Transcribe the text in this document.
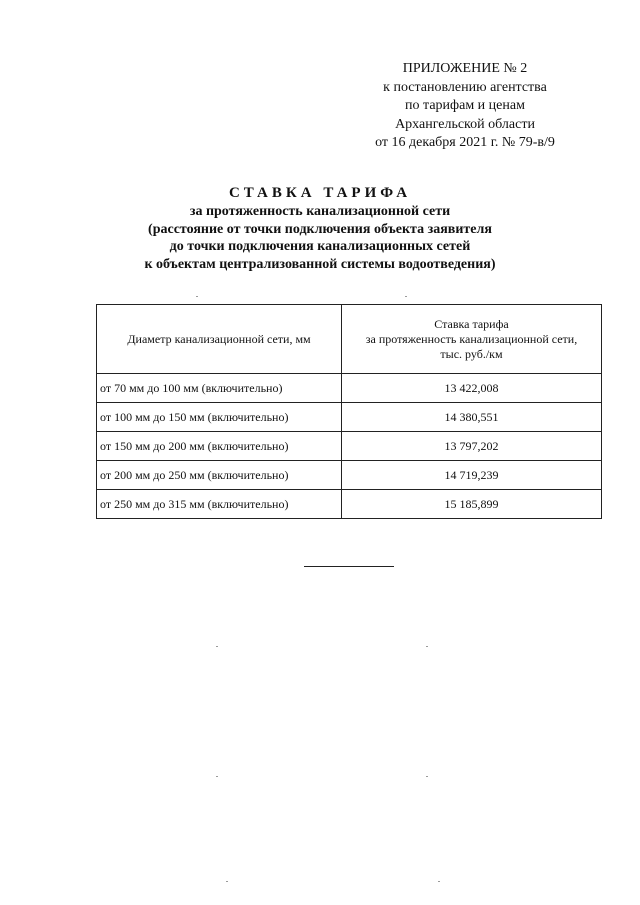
ПРИЛОЖЕНИЕ № 2
к постановлению агентства
по тарифам и ценам
Архангельской области
от 16 декабря 2021 г. № 79-в/9
СТАВКА ТАРИФА
за протяженность канализационной сети
(расстояние от точки подключения объекта заявителя
до точки подключения канализационных сетей
к объектам централизованной системы водоотведения)
Диаметр канализационной сети, мм	Ставка тарифа
за протяженность канализационной сети,
тыс. руб./км

от 70 мм до 100 мм (включительно)	13 422,008
от 100 мм до 150 мм (включительно)	14 380,551
от 150 мм до 200 мм (включительно)	13 797,202
от 200 мм до 250 мм (включительно)	14 719,239
от 250 мм до 315 мм (включительно)	15 185,899
